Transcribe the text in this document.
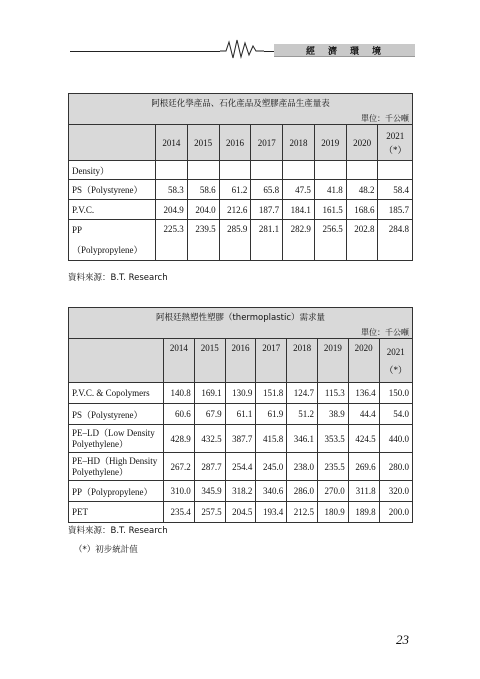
經　濟　環　境
阿根廷化學產品、石化產品及塑膠產品生產量表								
單位：千公噸								
	2014	2015	2016	2017	2018	2019	2020	2021
（*）

Density）								
PS（Polystyrene）	58.3	58.6	61.2	65.8	47.5	41.8	48.2	58.4
P.V.C.	204.9	204.0	212.6	187.7	184.1	161.5	168.6	185.7

PP
（Polypropylene）	225.3	239.5	285.9	281.1	282.9	256.5	202.8	284.8
資料來源：B.T. Research
阿根廷熱塑性塑膠（thermoplastic）需求量								
單位：千公噸								
	2014	2015	2016	2017	2018	2019	2020	2021
（*）

P.V.C. & Copolymers	140.8	169.1	130.9	151.8	124.7	115.3	136.4	150.0
PS（Polystyrene）	60.6	67.9	61.1	61.9	51.2	38.9	44.4	54.0
PE–LD（Low Density Polyethylene）	428.9	432.5	387.7	415.8	346.1	353.5	424.5	440.0
PE–HD（High Density Polyethylene）	267.2	287.7	254.4	245.0	238.0	235.5	269.6	280.0
PP（Polypropylene）	310.0	345.9	318.2	340.6	286.0	270.0	311.8	320.0
PET	235.4	257.5	204.5	193.4	212.5	180.9	189.8	200.0
資料來源：B.T. Research
（*）初步統計值
23
